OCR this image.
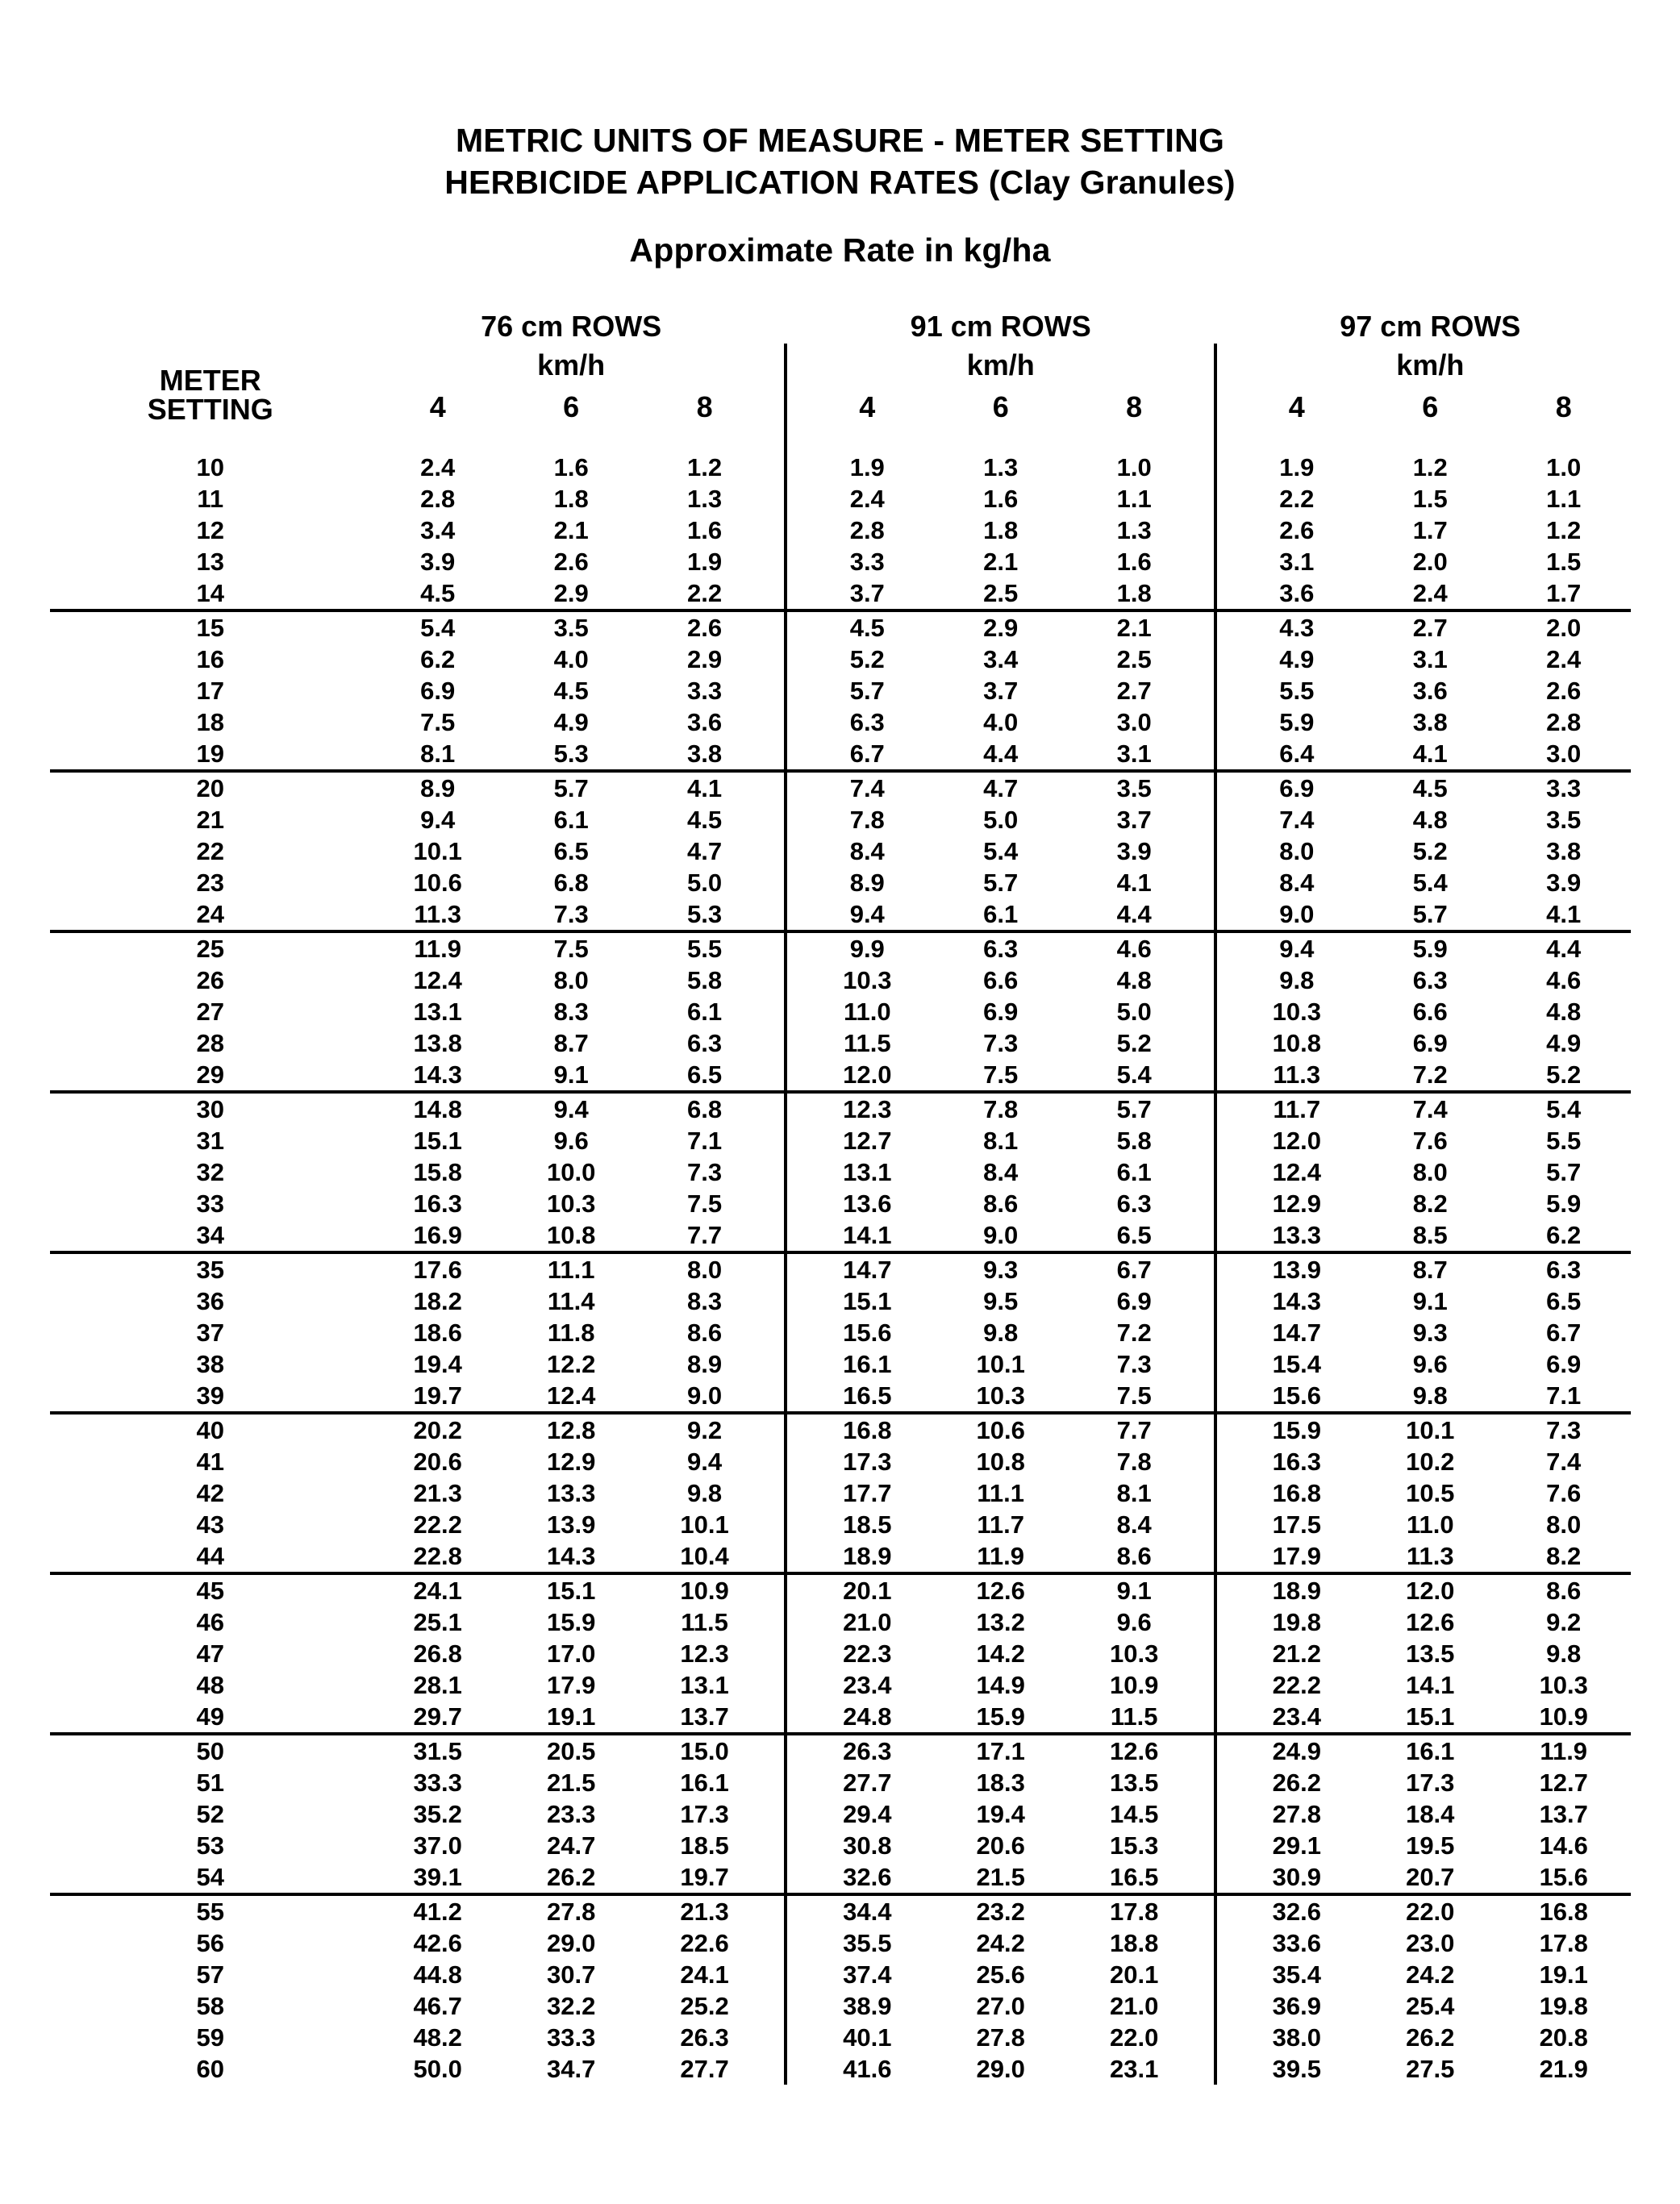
METRIC UNITS OF MEASURE - METER SETTING
HERBICIDE APPLICATION RATES (Clay Granules)
Approximate Rate in kg/ha
	76 cm ROWS				91 cm ROWS				97 cm ROWS		

METER
SETTING	km/h				km/h				km/h		
	4	6	8		4	6	8		4	6	8

10	2.4	1.6	1.2		1.9	1.3	1.0		1.9	1.2	1.0
11	2.8	1.8	1.3		2.4	1.6	1.1		2.2	1.5	1.1
12	3.4	2.1	1.6		2.8	1.8	1.3		2.6	1.7	1.2
13	3.9	2.6	1.9		3.3	2.1	1.6		3.1	2.0	1.5
14	4.5	2.9	2.2		3.7	2.5	1.8		3.6	2.4	1.7
15	5.4	3.5	2.6		4.5	2.9	2.1		4.3	2.7	2.0
16	6.2	4.0	2.9		5.2	3.4	2.5		4.9	3.1	2.4
17	6.9	4.5	3.3		5.7	3.7	2.7		5.5	3.6	2.6
18	7.5	4.9	3.6		6.3	4.0	3.0		5.9	3.8	2.8
19	8.1	5.3	3.8		6.7	4.4	3.1		6.4	4.1	3.0
20	8.9	5.7	4.1		7.4	4.7	3.5		6.9	4.5	3.3
21	9.4	6.1	4.5		7.8	5.0	3.7		7.4	4.8	3.5
22	10.1	6.5	4.7		8.4	5.4	3.9		8.0	5.2	3.8
23	10.6	6.8	5.0		8.9	5.7	4.1		8.4	5.4	3.9
24	11.3	7.3	5.3		9.4	6.1	4.4		9.0	5.7	4.1
25	11.9	7.5	5.5		9.9	6.3	4.6		9.4	5.9	4.4
26	12.4	8.0	5.8		10.3	6.6	4.8		9.8	6.3	4.6
27	13.1	8.3	6.1		11.0	6.9	5.0		10.3	6.6	4.8
28	13.8	8.7	6.3		11.5	7.3	5.2		10.8	6.9	4.9
29	14.3	9.1	6.5		12.0	7.5	5.4		11.3	7.2	5.2
30	14.8	9.4	6.8		12.3	7.8	5.7		11.7	7.4	5.4
31	15.1	9.6	7.1		12.7	8.1	5.8		12.0	7.6	5.5
32	15.8	10.0	7.3		13.1	8.4	6.1		12.4	8.0	5.7
33	16.3	10.3	7.5		13.6	8.6	6.3		12.9	8.2	5.9
34	16.9	10.8	7.7		14.1	9.0	6.5		13.3	8.5	6.2
35	17.6	11.1	8.0		14.7	9.3	6.7		13.9	8.7	6.3
36	18.2	11.4	8.3		15.1	9.5	6.9		14.3	9.1	6.5
37	18.6	11.8	8.6		15.6	9.8	7.2		14.7	9.3	6.7
38	19.4	12.2	8.9		16.1	10.1	7.3		15.4	9.6	6.9
39	19.7	12.4	9.0		16.5	10.3	7.5		15.6	9.8	7.1
40	20.2	12.8	9.2		16.8	10.6	7.7		15.9	10.1	7.3
41	20.6	12.9	9.4		17.3	10.8	7.8		16.3	10.2	7.4
42	21.3	13.3	9.8		17.7	11.1	8.1		16.8	10.5	7.6
43	22.2	13.9	10.1		18.5	11.7	8.4		17.5	11.0	8.0
44	22.8	14.3	10.4		18.9	11.9	8.6		17.9	11.3	8.2
45	24.1	15.1	10.9		20.1	12.6	9.1		18.9	12.0	8.6
46	25.1	15.9	11.5		21.0	13.2	9.6		19.8	12.6	9.2
47	26.8	17.0	12.3		22.3	14.2	10.3		21.2	13.5	9.8
48	28.1	17.9	13.1		23.4	14.9	10.9		22.2	14.1	10.3
49	29.7	19.1	13.7		24.8	15.9	11.5		23.4	15.1	10.9
50	31.5	20.5	15.0		26.3	17.1	12.6		24.9	16.1	11.9
51	33.3	21.5	16.1		27.7	18.3	13.5		26.2	17.3	12.7
52	35.2	23.3	17.3		29.4	19.4	14.5		27.8	18.4	13.7
53	37.0	24.7	18.5		30.8	20.6	15.3		29.1	19.5	14.6
54	39.1	26.2	19.7		32.6	21.5	16.5		30.9	20.7	15.6
55	41.2	27.8	21.3		34.4	23.2	17.8		32.6	22.0	16.8
56	42.6	29.0	22.6		35.5	24.2	18.8		33.6	23.0	17.8
57	44.8	30.7	24.1		37.4	25.6	20.1		35.4	24.2	19.1
58	46.7	32.2	25.2		38.9	27.0	21.0		36.9	25.4	19.8
59	48.2	33.3	26.3		40.1	27.8	22.0		38.0	26.2	20.8
60	50.0	34.7	27.7		41.6	29.0	23.1		39.5	27.5	21.9
